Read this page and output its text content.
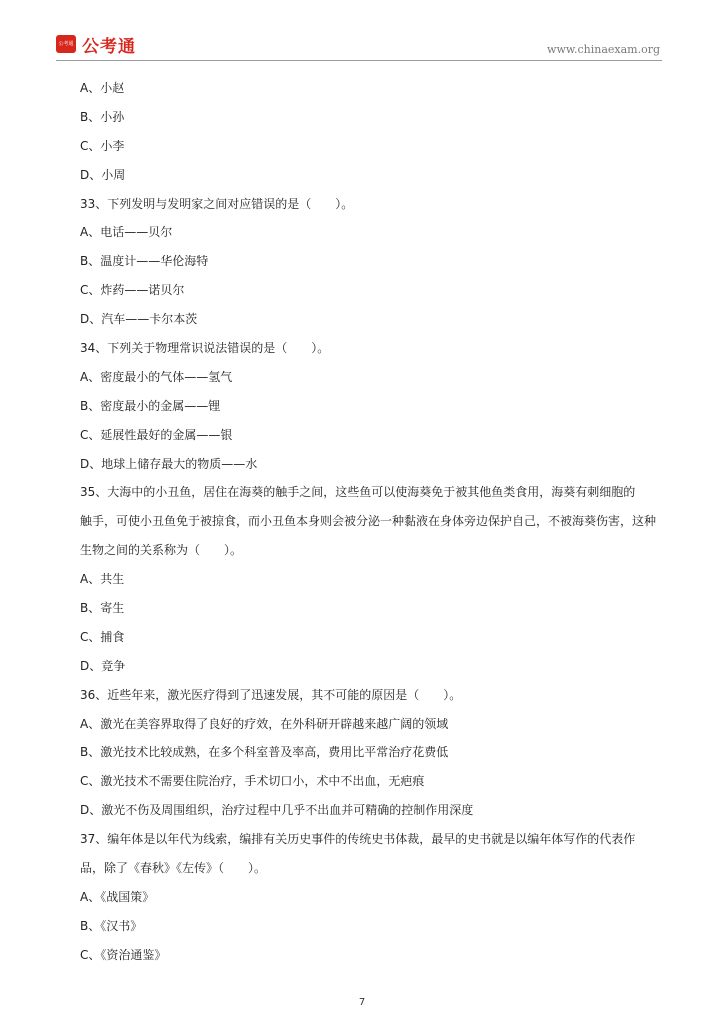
公考通 公考通	www.chinaexam.org
A、小赵
B、小孙
C、小李
D、小周
33、下列发明与发明家之间对应错误的是（　　）。
A、电话——贝尔
B、温度计——华伦海特
C、炸药——诺贝尔
D、汽车——卡尔本茨
34、下列关于物理常识说法错误的是（　　）。
A、密度最小的气体——氢气
B、密度最小的金属——锂
C、延展性最好的金属——银
D、地球上储存最大的物质——水
35、大海中的小丑鱼，居住在海葵的触手之间，这些鱼可以使海葵免于被其他鱼类食用，海葵有刺细胞的
触手，可使小丑鱼免于被掠食，而小丑鱼本身则会被分泌一种黏液在身体旁边保护自己，不被海葵伤害，这种
生物之间的关系称为（　　）。
A、共生
B、寄生
C、捕食
D、竞争
36、近些年来，激光医疗得到了迅速发展，其不可能的原因是（　　）。
A、激光在美容界取得了良好的疗效，在外科研开辟越来越广阔的领域
B、激光技术比较成熟，在多个科室普及率高，费用比平常治疗花费低
C、激光技术不需要住院治疗，手术切口小，术中不出血，无疤痕
D、激光不伤及周围组织，治疗过程中几乎不出血并可精确的控制作用深度
37、编年体是以年代为线索，编排有关历史事件的传统史书体裁，最早的史书就是以编年体写作的代表作
品，除了《春秋》《左传》（　　）。
A、《战国策》
B、《汉书》
C、《资治通鉴》
7
